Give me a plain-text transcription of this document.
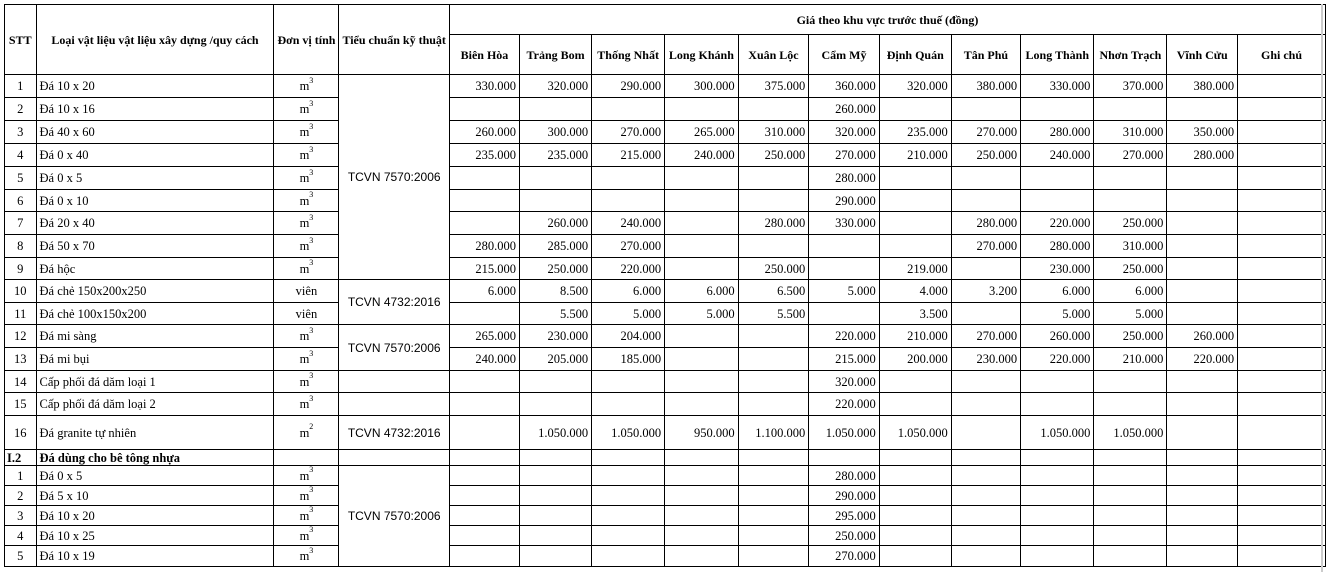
STT	Loại vật liệu vật liệu xây dựng /quy cách	Đơn vị tính	Tiểu chuẩn kỹ thuật	Giá theo khu vực trước thuế (đồng)											
				Biên Hòa	Trảng Bom	Thống Nhất	Long Khánh	Xuân Lộc	Cẩm Mỹ	Định Quán	Tân Phú	Long Thành	Nhơn Trạch	Vĩnh Cửu	Ghi chú
1	Đá 10 x 20	$m^3$	TCVN 7570:2006	330.000	320.000	290.000	300.000	375.000	360.000	320.000	380.000	330.000	370.000	380.000	
2	Đá 10 x 16	$m^3$							260.000						
3	Đá 40 x 60	$m^3$		260.000	300.000	270.000	265.000	310.000	320.000	235.000	270.000	280.000	310.000	350.000	
4	Đá 0 x 40	$m^3$		235.000	235.000	215.000	240.000	250.000	270.000	210.000	250.000	240.000	270.000	280.000	
5	Đá 0 x 5	$m^3$							280.000						
6	Đá 0 x 10	$m^3$							290.000						
7	Đá 20 x 40	$m^3$			260.000	240.000		280.000	330.000		280.000	220.000	250.000		
8	Đá 50 x 70	$m^3$		280.000	285.000	270.000					270.000	280.000	310.000		
9	Đá hộc	$m^3$		215.000	250.000	220.000		250.000		219.000		230.000	250.000		
10	Đá chẻ 150x200x250	viên	TCVN 4732:2016	6.000	8.500	6.000	6.000	6.500	5.000	4.000	3.200	6.000	6.000		
11	Đá chẻ 100x150x200	viên			5.500	5.000	5.000	5.500		3.500		5.000	5.000		
12	Đá mi sàng	$m^3$	TCVN 7570:2006	265.000	230.000	204.000			220.000	210.000	270.000	260.000	250.000	260.000	
13	Đá mi bụi	$m^3$		240.000	205.000	185.000			215.000	200.000	230.000	220.000	210.000	220.000	
14	Cấp phối đá dăm loại 1	$m^3$							320.000						
15	Cấp phối đá dăm loại 2	$m^3$							220.000						
16	Đá granite tự nhiên	$m^2$	TCVN 4732:2016		1.050.000	1.050.000	950.000	1.100.000	1.050.000	1.050.000		1.050.000	1.050.000		
I.2	Đá dùng cho bê tông nhựa														
1	Đá 0 x 5	$m^3$	TCVN 7570:2006						280.000						
2	Đá 5 x 10	$m^3$							290.000						
3	Đá 10 x 20	$m^3$							295.000						
4	Đá 10 x 25	$m^3$							250.000						
5	Đá 10 x 19	$m^3$							270.000						
